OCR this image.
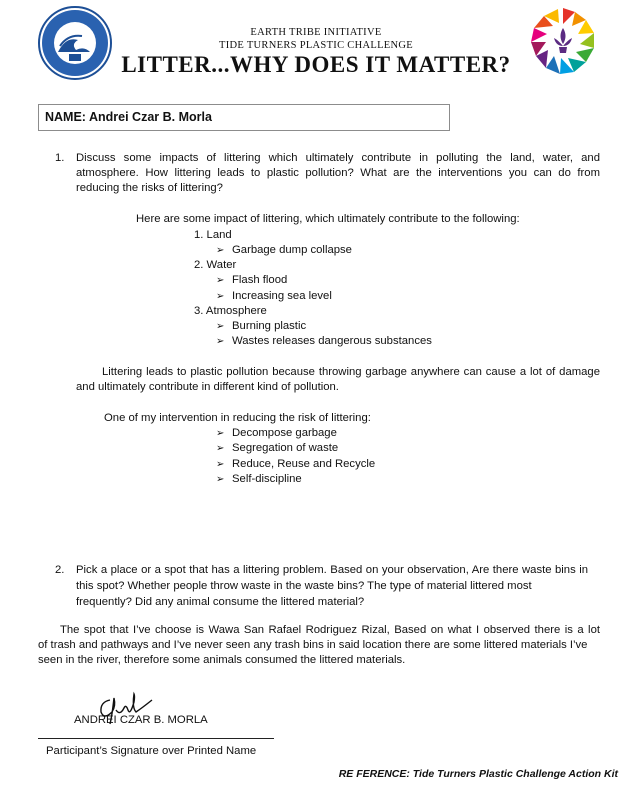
EARTH TRIBE INITIATIVE
TIDE TURNERS PLASTIC CHALLENGE
LITTER...WHY DOES IT MATTER?
NAME: Andrei Czar B. Morla
1. Discuss some impacts of littering which ultimately contribute in polluting the land, water, and
atmosphere. How littering leads to plastic pollution? What are the interventions you can do from
reducing the risks of littering?
Here are some impact of littering, which ultimately contribute to the following:
1. Land
➢ Garbage dump collapse
2. Water
➢ Flash flood
➢ Increasing sea level
3. Atmosphere
➢ Burning plastic
➢ Wastes releases dangerous substances
Littering leads to plastic pollution because throwing garbage anywhere can cause a lot of damage
and ultimately contribute in different kind of pollution.
One of my intervention in reducing the risk of littering:
➢ Decompose garbage
➢ Segregation of waste
➢ Reduce, Reuse and Recycle
➢ Self-discipline
2. Pick a place or a spot that has a littering problem. Based on your observation, Are there waste bins in
this spot? Whether people throw waste in the waste bins? The type of material littered most
frequently? Did any animal consume the littered material?
The spot that I’ve choose is Wawa San Rafael Rodriguez Rizal, Based on what I observed there is a lot
of trash and pathways and I’ve never seen any trash bins in said location there are some littered materials I’ve
seen in the river, therefore some animals consumed the littered materials.
ANDREI CZAR B. MORLA
Participant’s Signature over Printed Name
RE FERENCE: Tide Turners Plastic Challenge Action Kit
